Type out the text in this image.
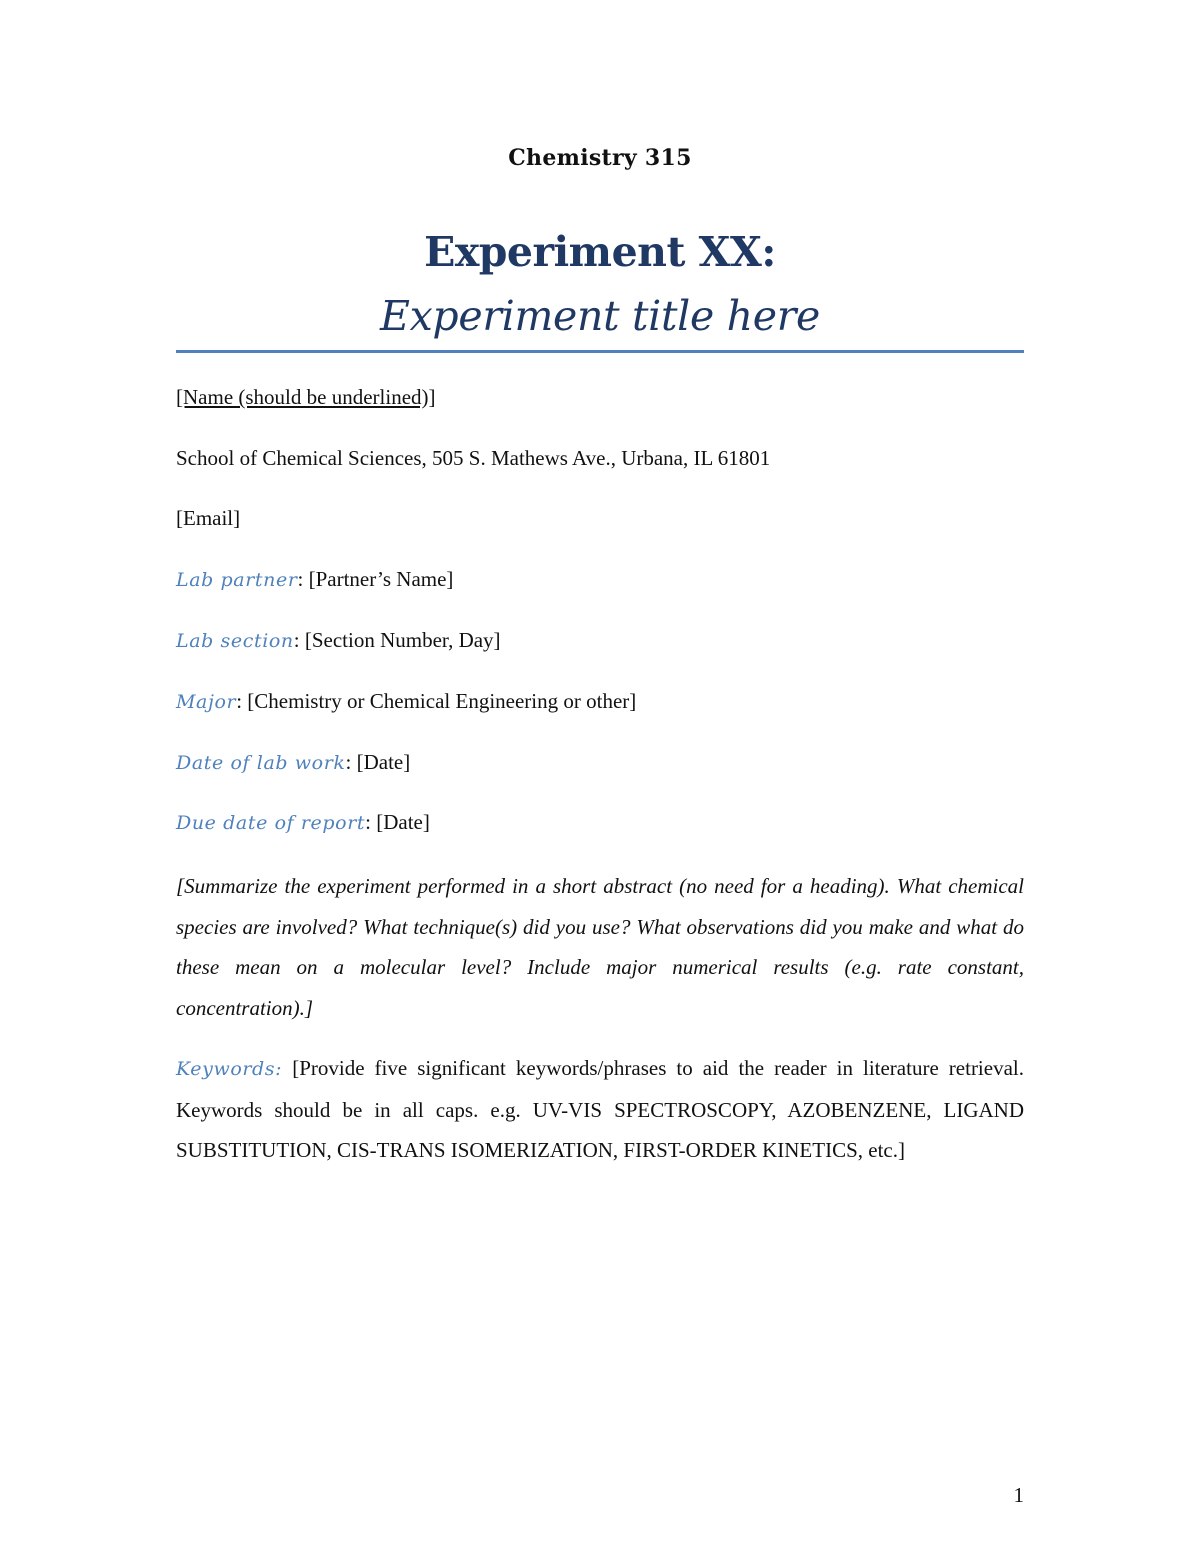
Chemistry 315
Experiment XX:
Experiment title here
[Name (should be underlined)]
School of Chemical Sciences, 505 S. Mathews Ave., Urbana, IL 61801
[Email]
Lab partner: [Partner’s Name]
Lab section: [Section Number, Day]
Major: [Chemistry or Chemical Engineering or other]
Date of lab work: [Date]
Due date of report: [Date]

[Summarize the experiment performed in a short abstract (no need for a heading). What chemical species are involved? What technique(s) did you use? What observations did you make and what do these mean on a molecular level? Include major numerical results (e.g. rate constant, concentration).]

Keywords: [Provide five significant keywords/phrases to aid the reader in literature retrieval. Keywords should be in all caps. e.g. UV-VIS SPECTROSCOPY, AZOBENZENE, LIGAND SUBSTITUTION, CIS-TRANS ISOMERIZATION, FIRST-ORDER KINETICS, etc.]

1
